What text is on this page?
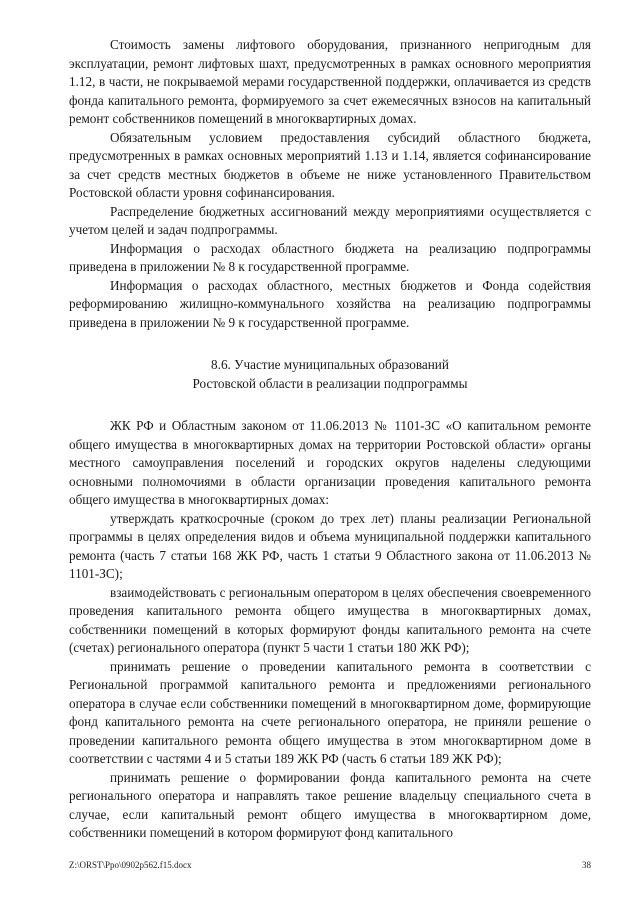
Стоимость замены лифтового оборудования, признанного непригодным для эксплуатации, ремонт лифтовых шахт, предусмотренных в рамках основного мероприятия 1.12, в части, не покрываемой мерами государственной поддержки, оплачивается из средств фонда капитального ремонта, формируемого за счет ежемесячных взносов на капитальный ремонт собственников помещений в многоквартирных домах.

Обязательным условием предоставления субсидий областного бюджета, предусмотренных в рамках основных мероприятий 1.13 и 1.14, является софинансирование за счет средств местных бюджетов в объеме не ниже установленного Правительством Ростовской области уровня софинансирования.

Распределение бюджетных ассигнований между мероприятиями осуществляется с учетом целей и задач подпрограммы.

Информация о расходах областного бюджета на реализацию подпрограммы приведена в приложении № 8 к государственной программе.

Информация о расходах областного, местных бюджетов и Фонда содействия реформированию жилищно-коммунального хозяйства на реализацию подпрограммы приведена в приложении № 9 к государственной программе.

8.6. Участие муниципальных образований
Ростовской области в реализации подпрограммы

ЖК РФ и Областным законом от 11.06.2013 № 1101-ЗС «О капитальном ремонте общего имущества в многоквартирных домах на территории Ростовской области» органы местного самоуправления поселений и городских округов наделены следующими основными полномочиями в области организации проведения капитального ремонта общего имущества в многоквартирных домах:

утверждать краткосрочные (сроком до трех лет) планы реализации Региональной программы в целях определения видов и объема муниципальной поддержки капитального ремонта (часть 7 статьи 168 ЖК РФ, часть 1 статьи 9 Областного закона от 11.06.2013 № 1101-ЗС);

взаимодействовать с региональным оператором в целях обеспечения своевременного проведения капитального ремонта общего имущества в многоквартирных домах, собственники помещений в которых формируют фонды капитального ремонта на счете (счетах) регионального оператора (пункт 5 части 1 статьи 180 ЖК РФ);

принимать решение о проведении капитального ремонта в соответствии с Региональной программой капитального ремонта и предложениями регионального оператора в случае если собственники помещений в многоквартирном доме, формирующие фонд капитального ремонта на счете регионального оператора, не приняли решение о проведении капитального ремонта общего имущества в этом многоквартирном доме в соответствии с частями 4 и 5 статьи 189 ЖК РФ (часть 6 статьи 189 ЖК РФ);

принимать решение о формировании фонда капитального ремонта на счете регионального оператора и направлять такое решение владельцу специального счета в случае, если капитальный ремонт общего имущества в многоквартирном доме, собственники помещений в котором формируют фонд капитального

Z:\ORST\Ppo\0902p562.f15.docx	38
